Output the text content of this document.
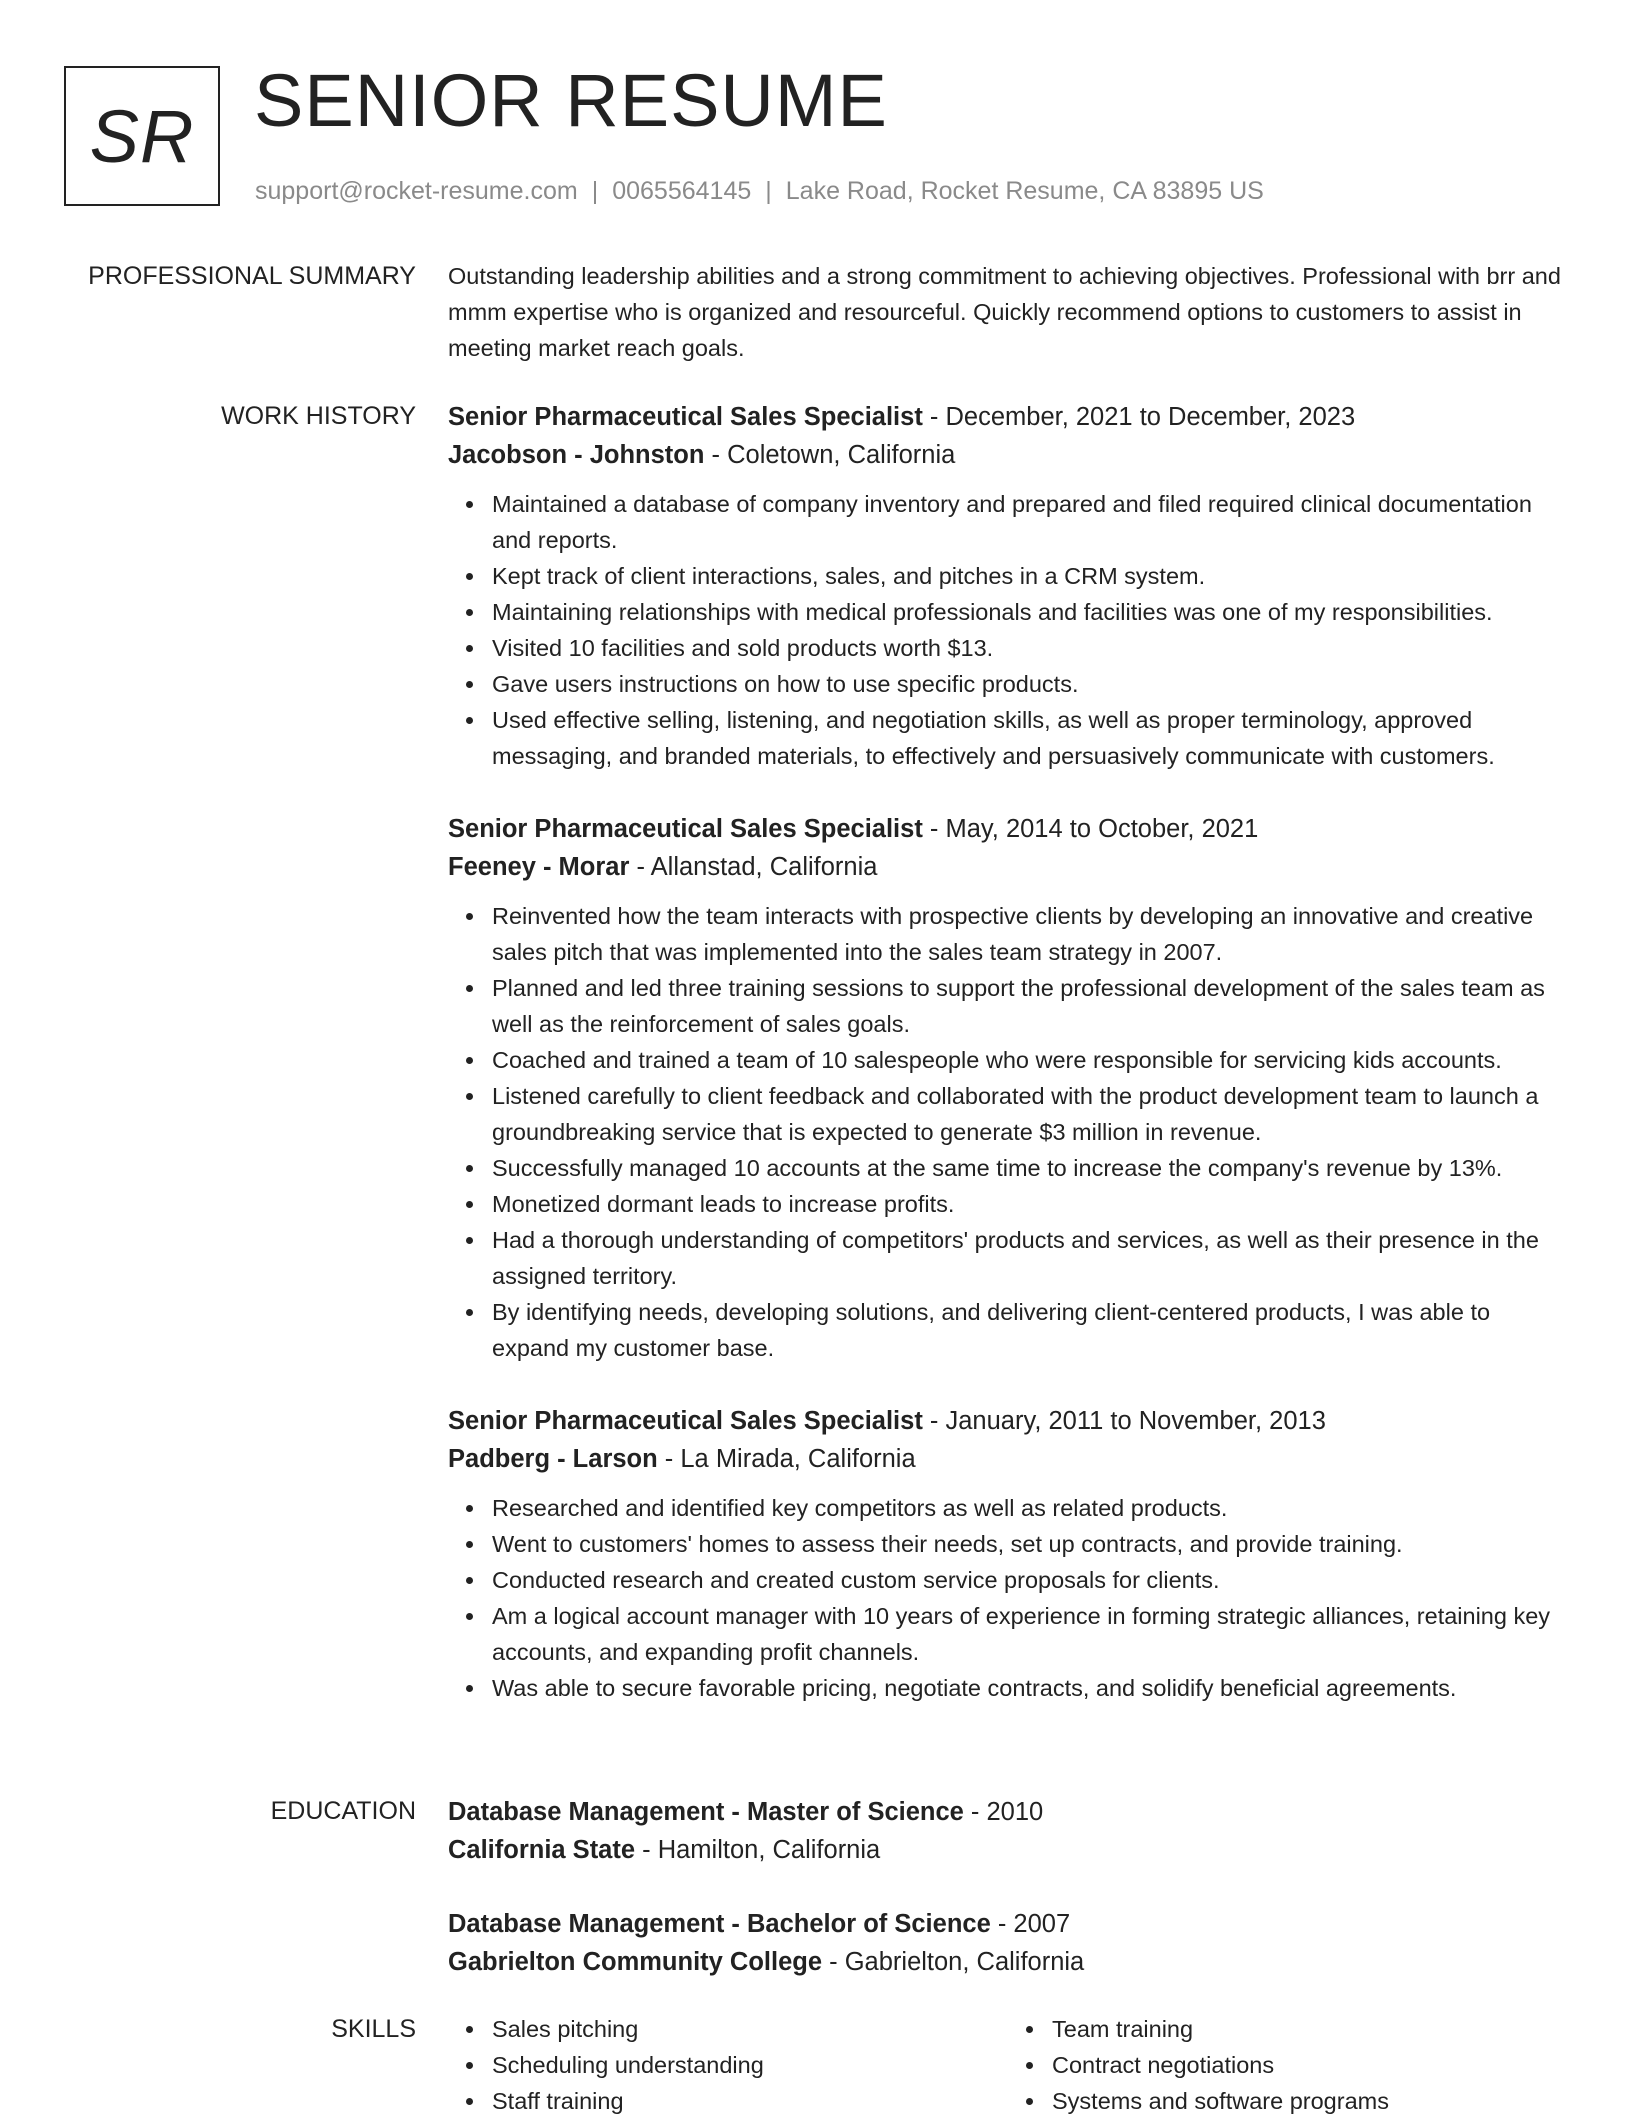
SR SENIOR RESUME
support@rocket-resume.com | 0065564145 | Lake Road, Rocket Resume, CA 83895 US
PROFESSIONAL SUMMARY Outstanding leadership abilities and a strong commitment to achieving objectives. Professional with brr and mmm expertise who is organized and resourceful. Quickly recommend options to customers to assist in meeting market reach goals.

WORK HISTORY Senior Pharmaceutical Sales Specialist - December, 2021 to December, 2023
Jacobson - Johnston - Coletown, California
Maintained a database of company inventory and prepared and filed required clinical documentation and reports.
Kept track of client interactions, sales, and pitches in a CRM system.
Maintaining relationships with medical professionals and facilities was one of my responsibilities.
Visited 10 facilities and sold products worth $13.
Gave users instructions on how to use specific products.
Used effective selling, listening, and negotiation skills, as well as proper terminology, approved messaging, and branded materials, to effectively and persuasively communicate with customers.
Senior Pharmaceutical Sales Specialist - May, 2014 to October, 2021
Feeney - Morar - Allanstad, California
Reinvented how the team interacts with prospective clients by developing an innovative and creative sales pitch that was implemented into the sales team strategy in 2007.
Planned and led three training sessions to support the professional development of the sales team as well as the reinforcement of sales goals.
Coached and trained a team of 10 salespeople who were responsible for servicing kids accounts.
Listened carefully to client feedback and collaborated with the product development team to launch a groundbreaking service that is expected to generate $3 million in revenue.
Successfully managed 10 accounts at the same time to increase the company's revenue by 13%.
Monetized dormant leads to increase profits.
Had a thorough understanding of competitors' products and services, as well as their presence in the assigned territory.
By identifying needs, developing solutions, and delivering client-centered products, I was able to expand my customer base.
Senior Pharmaceutical Sales Specialist - January, 2011 to November, 2013
Padberg - Larson - La Mirada, California
Researched and identified key competitors as well as related products.
Went to customers' homes to assess their needs, set up contracts, and provide training.
Conducted research and created custom service proposals for clients.
Am a logical account manager with 10 years of experience in forming strategic alliances, retaining key accounts, and expanding profit channels.
Was able to secure favorable pricing, negotiate contracts, and solidify beneficial agreements.
EDUCATION Database Management - Master of Science - 2010
California State - Hamilton, California
Database Management - Bachelor of Science - 2007
Gabrielton Community College - Gabrielton, California
SKILLS	Sales pitching
Scheduling understanding
Staff training
Team training
Contract negotiations
Systems and software programs
